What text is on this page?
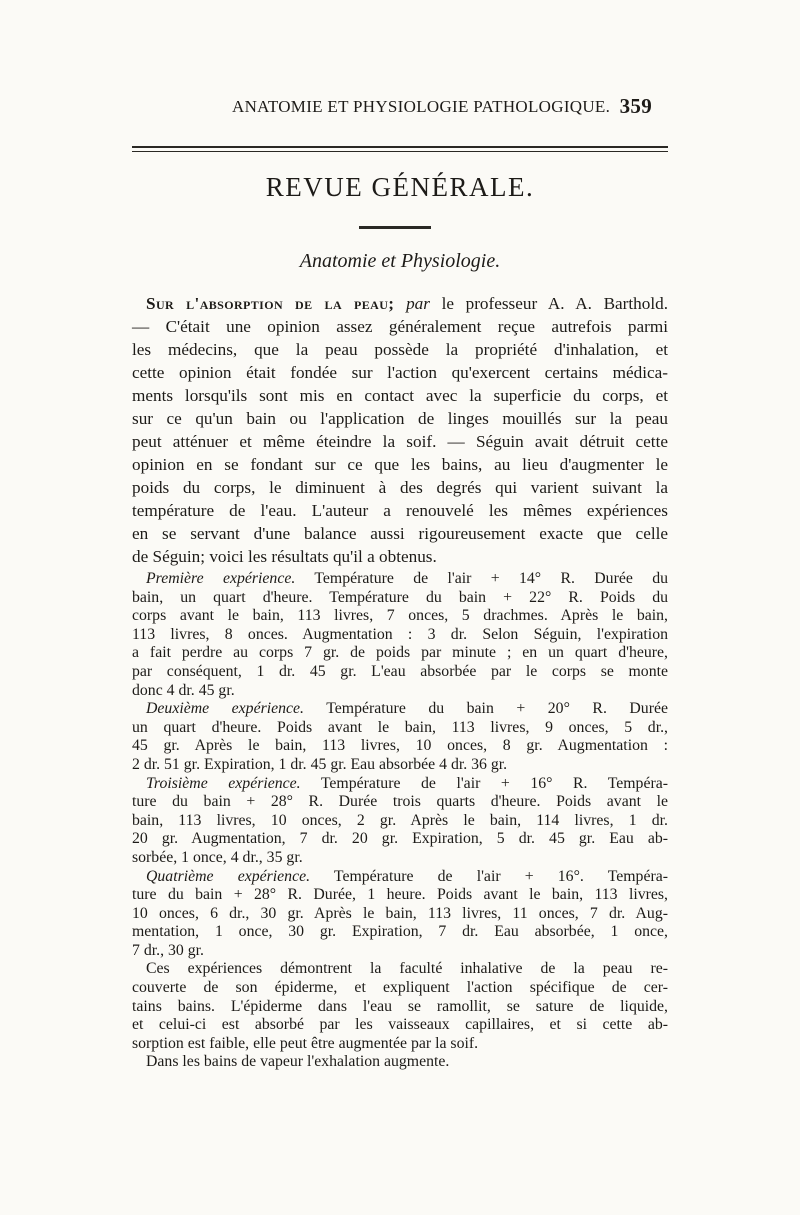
ANATOMIE ET PHYSIOLOGIE PATHOLOGIQUE. 359
REVUE GÉNÉRALE.
Anatomie et Physiologie.
Sur l'absorption de la peau; par le professeur A. A. Barthold.
— C'était une opinion assez généralement reçue autrefois parmi
les médecins, que la peau possède la propriété d'inhalation, et
cette opinion était fondée sur l'action qu'exercent certains médica-
ments lorsqu'ils sont mis en contact avec la superficie du corps, et
sur ce qu'un bain ou l'application de linges mouillés sur la peau
peut atténuer et même éteindre la soif. — Séguin avait détruit cette
opinion en se fondant sur ce que les bains, au lieu d'augmenter le
poids du corps, le diminuent à des degrés qui varient suivant la
température de l'eau. L'auteur a renouvelé les mêmes expériences
en se servant d'une balance aussi rigoureusement exacte que celle
de Séguin; voici les résultats qu'il a obtenus.
Première expérience. Température de l'air + 14° R. Durée du
bain, un quart d'heure. Température du bain + 22° R. Poids du
corps avant le bain, 113 livres, 7 onces, 5 drachmes. Après le bain,
113 livres, 8 onces. Augmentation : 3 dr. Selon Séguin, l'expiration
a fait perdre au corps 7 gr. de poids par minute ; en un quart d'heure,
par conséquent, 1 dr. 45 gr. L'eau absorbée par le corps se monte
donc 4 dr. 45 gr.
Deuxième expérience. Température du bain + 20° R. Durée
un quart d'heure. Poids avant le bain, 113 livres, 9 onces, 5 dr.,
45 gr. Après le bain, 113 livres, 10 onces, 8 gr. Augmentation :
2 dr. 51 gr. Expiration, 1 dr. 45 gr. Eau absorbée 4 dr. 36 gr.
Troisième expérience. Température de l'air + 16° R. Tempéra-
ture du bain + 28° R. Durée trois quarts d'heure. Poids avant le
bain, 113 livres, 10 onces, 2 gr. Après le bain, 114 livres, 1 dr.
20 gr. Augmentation, 7 dr. 20 gr. Expiration, 5 dr. 45 gr. Eau ab-
sorbée, 1 once, 4 dr., 35 gr.
Quatrième expérience. Température de l'air + 16°. Tempéra-
ture du bain + 28° R. Durée, 1 heure. Poids avant le bain, 113 livres,
10 onces, 6 dr., 30 gr. Après le bain, 113 livres, 11 onces, 7 dr. Aug-
mentation, 1 once, 30 gr. Expiration, 7 dr. Eau absorbée, 1 once,
7 dr., 30 gr.
Ces expériences démontrent la faculté inhalative de la peau re-
couverte de son épiderme, et expliquent l'action spécifique de cer-
tains bains. L'épiderme dans l'eau se ramollit, se sature de liquide,
et celui-ci est absorbé par les vaisseaux capillaires, et si cette ab-
sorption est faible, elle peut être augmentée par la soif.
Dans les bains de vapeur l'exhalation augmente.
